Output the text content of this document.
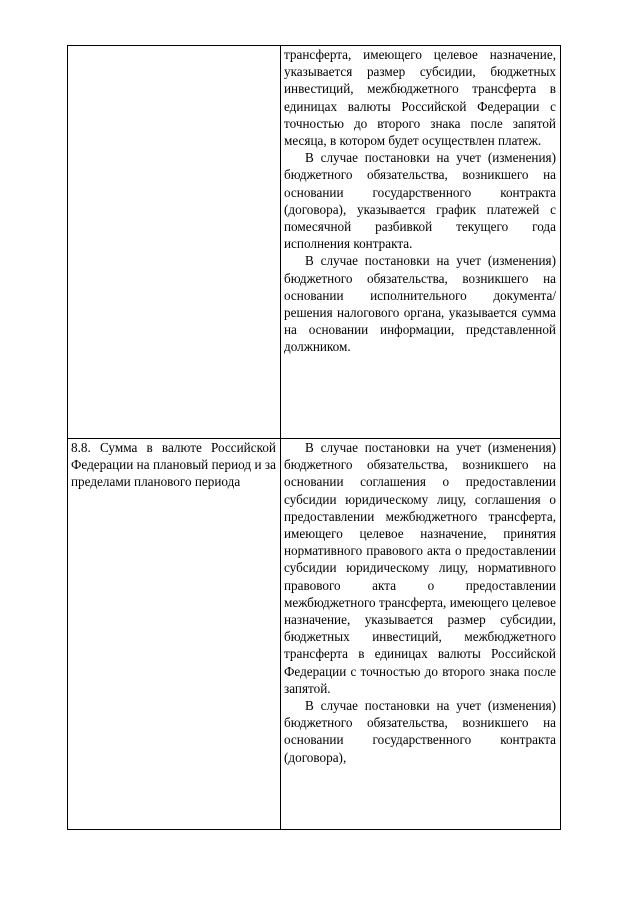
	трансферта, имеющего целевое назначение, указывается размер субсидии, бюджетных инвестиций, межбюджетного трансферта в единицах валюты Российской Федерации с точностью до второго знака после запятой месяца, в котором будет осуществлен платеж.

В случае постановки на учет (изменения) бюджетного обязательства, возникшего на основании государственного контракта (договора), указывается график платежей с помесячной разбивкой текущего года исполнения контракта.

В случае постановки на учет (изменения) бюджетного обязательства, возникшего на основании исполнительного документа/решения налогового органа, указывается сумма на основании информации, представленной должником.

8.8. Сумма в валюте Российской Федерации на плановый период и за пределами планового периода	В случае постановки на учет (изменения) бюджетного обязательства, возникшего на основании соглашения о предоставлении субсидии юридическому лицу, соглашения о предоставлении межбюджетного трансферта, имеющего целевое назначение, принятия нормативного правового акта о предоставлении субсидии юридическому лицу, нормативного правового акта о предоставлении межбюджетного трансферта, имеющего целевое назначение, указывается размер субсидии, бюджетных инвестиций, межбюджетного трансферта в единицах валюты Российской Федерации с точностью до второго знака после запятой.

В случае постановки на учет (изменения) бюджетного обязательства, возникшего на основании государственного контракта (договора),
